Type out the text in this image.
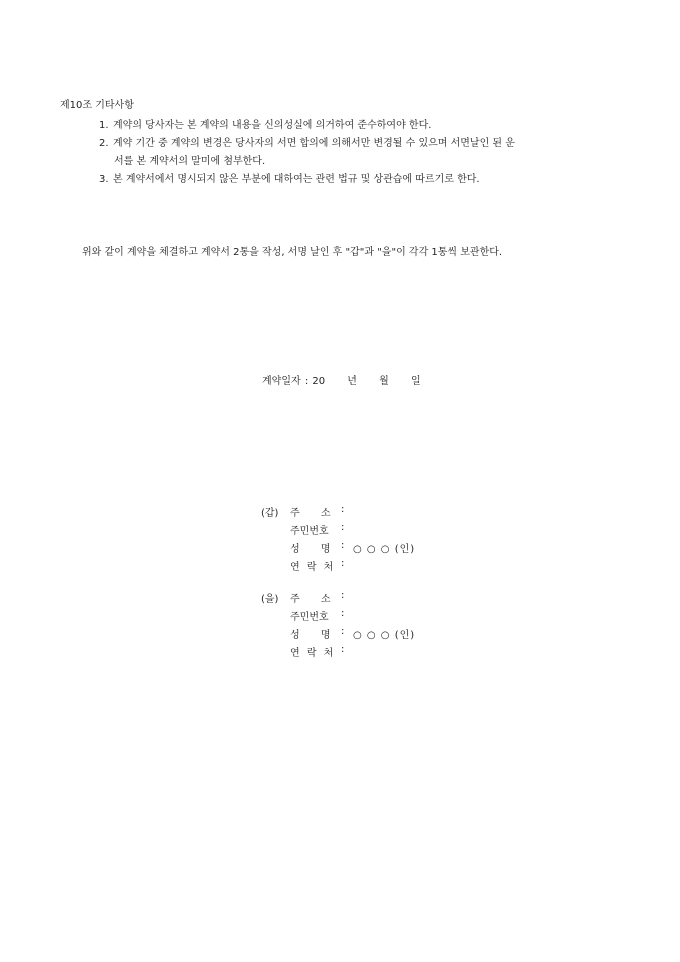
제10조 기타사항
1. 계약의 당사자는 본 계약의 내용을 신의성실에 의거하여 준수하여야 한다.
2. 계약 기간 중 계약의 변경은 당사자의 서면 합의에 의해서만 변경될 수 있으며 서면날인 된 운
서를 본 계약서의 말미에 첨부한다.
3. 본 계약서에서 명시되지 않은 부분에 대하여는 관련 법규 및 상관습에 따르기로 한다.
위와 같이 계약을 체결하고 계약서 2통을 작성, 서명 날인 후 "갑"과 "을"이 각각 1통씩 보관한다.
계약일자 : 20 년 월 일
(갑) 주 소 :
주민번호 :
성 명 : ○ ○ ○ (인)
연 락 처 :
(을) 주 소 :
주민번호 :
성 명 : ○ ○ ○ (인)
연 락 처 :
